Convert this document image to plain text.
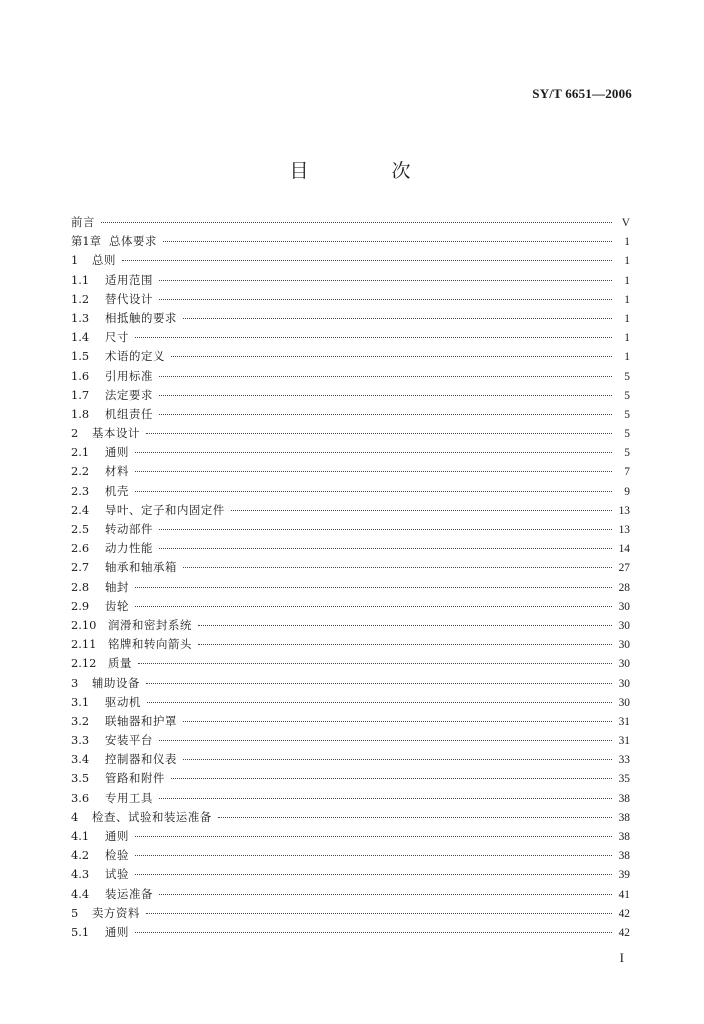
SY/T 6651—2006
目　次
前言	V
第1章 总体要求	1
1	总则	1
1.1	适用范围	1
1.2	替代设计	1
1.3	相抵触的要求	1
1.4	尺寸	1
1.5	术语的定义	1
1.6	引用标准	5
1.7	法定要求	5
1.8	机组责任	5
2	基本设计	5
2.1	通则	5
2.2	材料	7
2.3	机壳	9
2.4	导叶、定子和内固定件	13
2.5	转动部件	13
2.6	动力性能	14
2.7	轴承和轴承箱	27
2.8	轴封	28
2.9	齿轮	30
2.10	润滑和密封系统	30
2.11	铭牌和转向箭头	30
2.12	质量	30
3	辅助设备	30
3.1	驱动机	30
3.2	联轴器和护罩	31
3.3	安装平台	31
3.4	控制器和仪表	33
3.5	管路和附件	35
3.6	专用工具	38
4	检查、试验和装运准备	38
4.1	通则	38
4.2	检验	38
4.3	试验	39
4.4	装运准备	41
5	卖方资料	42
5.1	通则	42
I
